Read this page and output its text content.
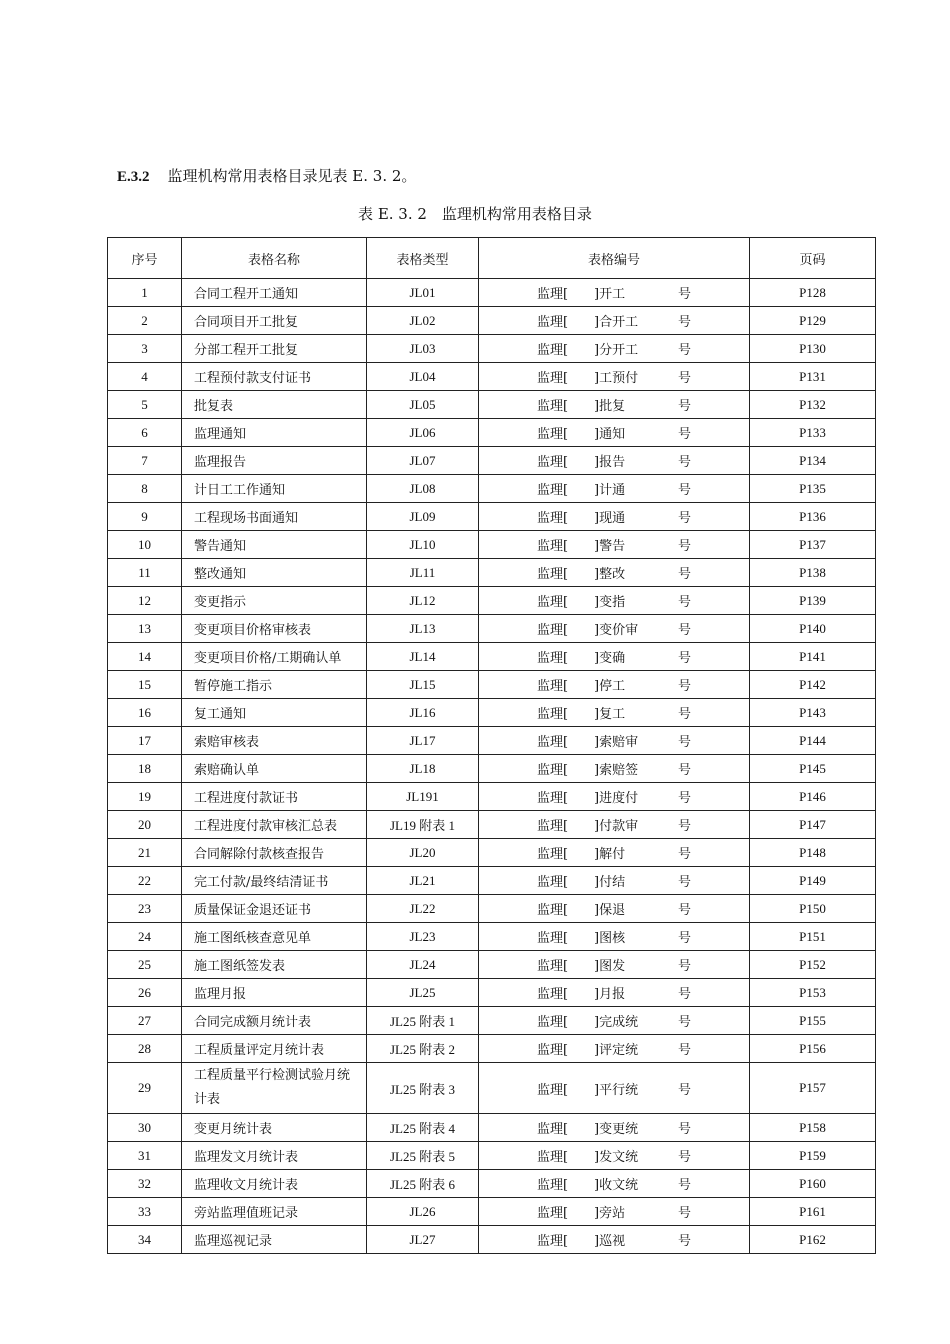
E.3.2 监理机构常用表格目录见表 E. 3. 2。
表 E. 3. 2　监理机构常用表格目录
序号	表格名称	表格类型	表格编号	页码
1	合同工程开工通知	JL01	监理[　　 ]开工 号	P128
2	合同项目开工批复	JL02	监理[　　 ]合开工 号	P129
3	分部工程开工批复	JL03	监理[　　 ]分开工 号	P130
4	工程预付款支付证书	JL04	监理[　　 ]工预付 号	P131
5	批复表	JL05	监理[　　 ]批复 号	P132
6	监理通知	JL06	监理[　　 ]通知 号	P133
7	监理报告	JL07	监理[　　 ]报告 号	P134
8	计日工工作通知	JL08	监理[　　 ]计通 号	P135
9	工程现场书面通知	JL09	监理[　　 ]现通 号	P136
10	警告通知	JL10	监理[　　 ]警告 号	P137
11	整改通知	JL11	监理[　　 ]整改 号	P138
12	变更指示	JL12	监理[　　 ]变指 号	P139
13	变更项目价格审核表	JL13	监理[　　 ]变价审 号	P140
14	变更项目价格/工期确认单	JL14	监理[　　 ]变确 号	P141
15	暂停施工指示	JL15	监理[　　 ]停工 号	P142
16	复工通知	JL16	监理[　　 ]复工 号	P143
17	索赔审核表	JL17	监理[　　 ]索赔审 号	P144
18	索赔确认单	JL18	监理[　　 ]索赔签 号	P145
19	工程进度付款证书	JL191	监理[　　 ]进度付 号	P146
20	工程进度付款审核汇总表	JL19 附表 1	监理[　　 ]付款审 号	P147
21	合同解除付款核查报告	JL20	监理[　　 ]解付 号	P148
22	完工付款/最终结清证书	JL21	监理[　　 ]付结 号	P149
23	质量保证金退还证书	JL22	监理[　　 ]保退 号	P150
24	施工图纸核查意见单	JL23	监理[　　 ]图核 号	P151
25	施工图纸签发表	JL24	监理[　　 ]图发 号	P152
26	监理月报	JL25	监理[　　 ]月报 号	P153
27	合同完成额月统计表	JL25 附表 1	监理[　　 ]完成统 号	P155
28	工程质量评定月统计表	JL25 附表 2	监理[　　 ]评定统 号	P156
29	工程质量平行检测试验月统计表	JL25 附表 3	监理[　　 ]平行统 号	P157
30	变更月统计表	JL25 附表 4	监理[　　 ]变更统 号	P158
31	监理发文月统计表	JL25 附表 5	监理[　　 ]发文统 号	P159
32	监理收文月统计表	JL25 附表 6	监理[　　 ]收文统 号	P160
33	旁站监理值班记录	JL26	监理[　　 ]旁站 号	P161
34	监理巡视记录	JL27	监理[　　 ]巡视 号	P162
